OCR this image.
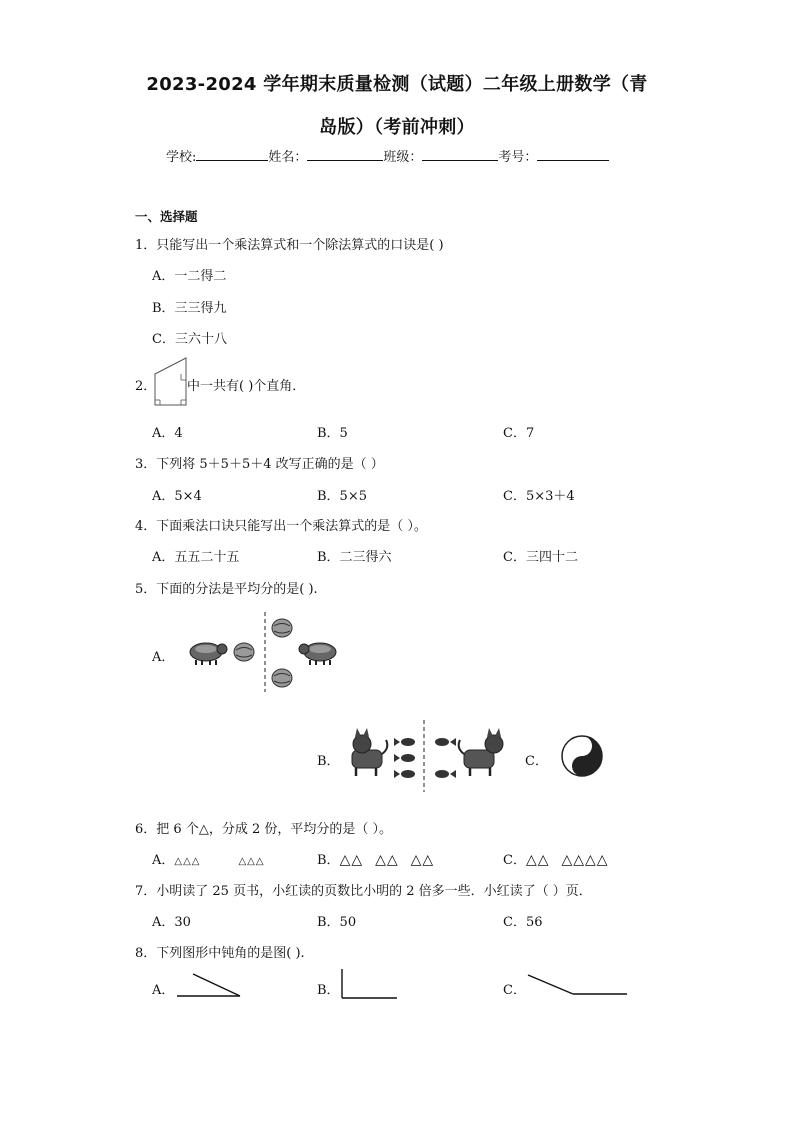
2023-2024 学年期末质量检测（试题）二年级上册数学（青
岛版）（考前冲刺）
学校:	姓名：	班级：	考号：
一、选择题
1．只能写出一个乘法算式和一个除法算式的口诀是( )
A．一二得二
B．三三得九
C．三六十八
2． 中一共有( )个直角．
A．4	B．5	C．7
3．下列将 5＋5＋5＋4 改写正确的是（ ）
A．5×4	B．5×5	C．5×3＋4
4．下面乘法口诀只能写出一个乘法算式的是（ ）。
A．五五二十五	B．二三得六	C．三四十二
5．下面的分法是平均分的是( ).
A．
B．	C．
6．把 6 个△，分成 2 份，平均分的是（ ）。
A．△△△	△△△	B．△△ △△ △△	C．△△ △△△△
7．小明读了 25 页书，小红读的页数比小明的 2 倍多一些．小红读了（ ）页．
A．30	B．50	C．56
8．下列图形中钝角的是图( ).
A．	B．	C．
